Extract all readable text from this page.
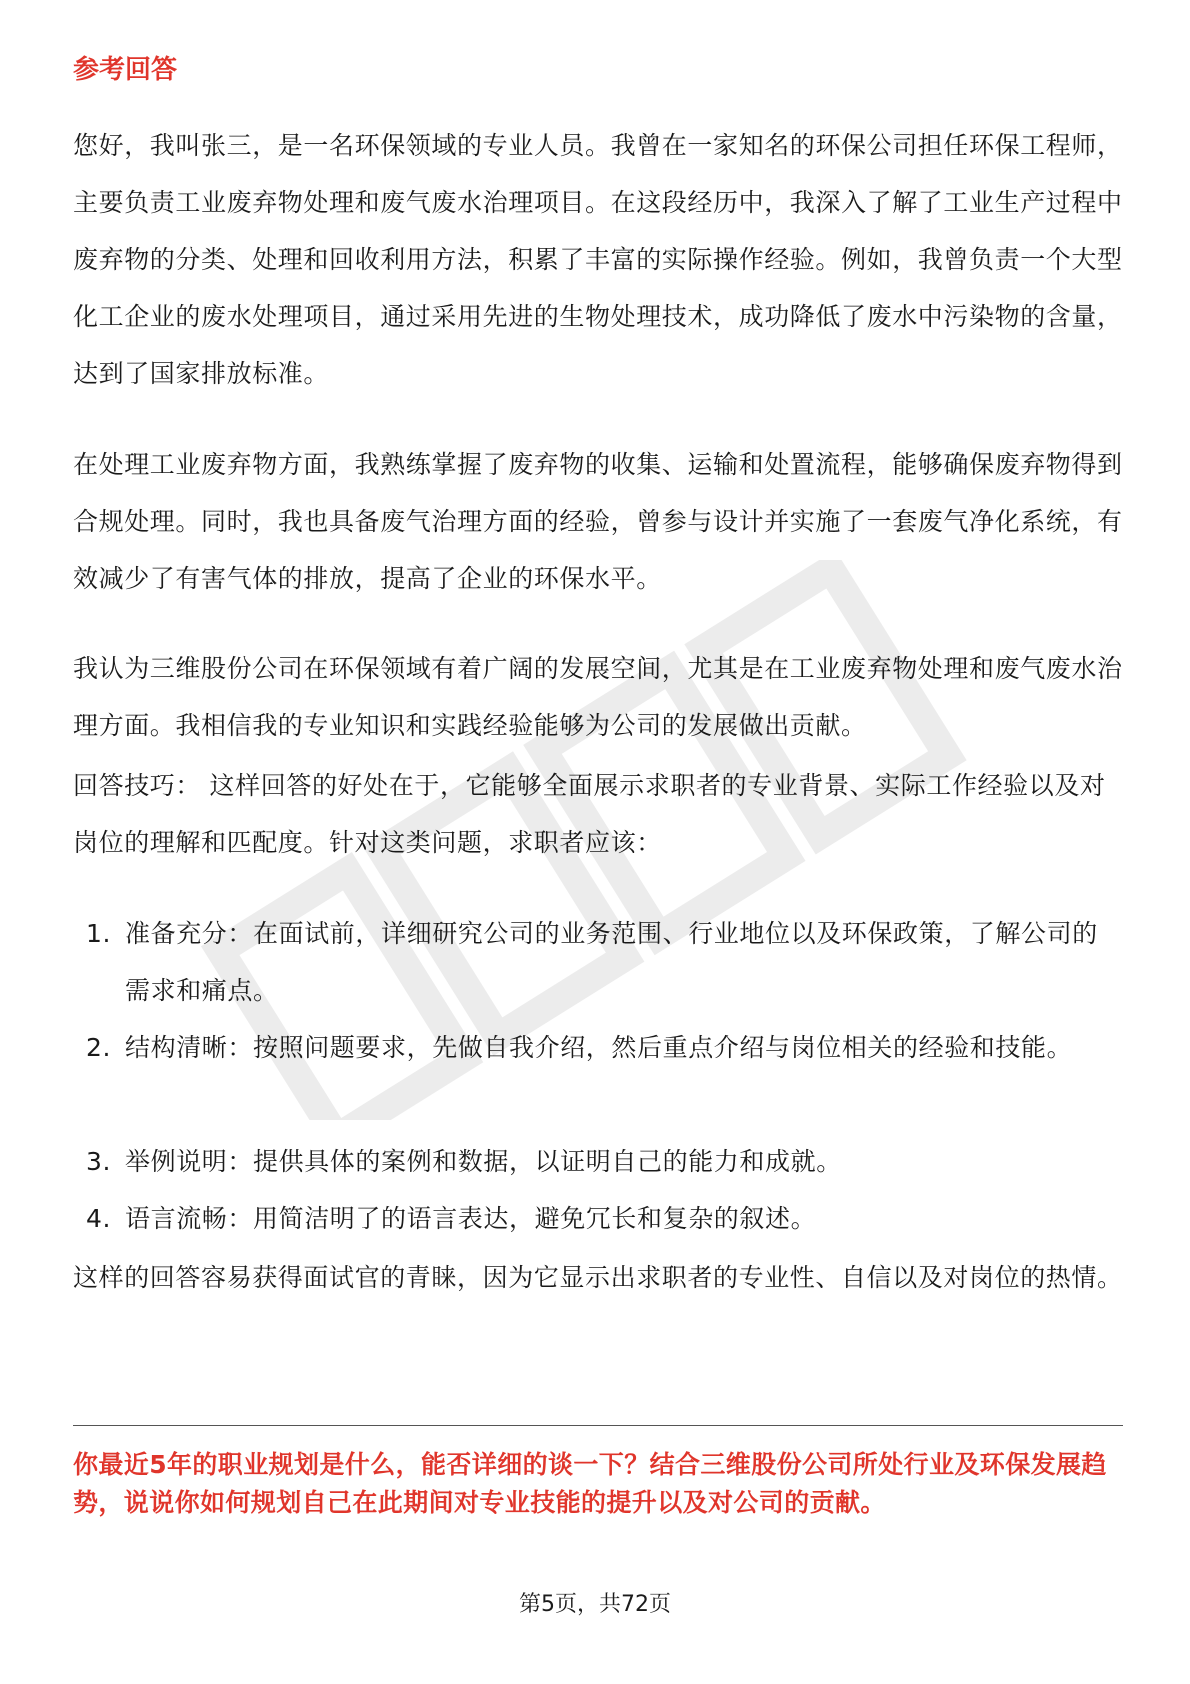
参考回答

您好，我叫张三，是一名环保领域的专业人员。我曾在一家知名的环保公司担任环保工程师，主要负责工业废弃物处理和废气废水治理项目。在这段经历中，我深入了解了工业生产过程中废弃物的分类、处理和回收利用方法，积累了丰富的实际操作经验。例如，我曾负责一个大型化工企业的废水处理项目，通过采用先进的生物处理技术，成功降低了废水中污染物的含量，达到了国家排放标准。

在处理工业废弃物方面，我熟练掌握了废弃物的收集、运输和处置流程，能够确保废弃物得到合规处理。同时，我也具备废气治理方面的经验，曾参与设计并实施了一套废气净化系统，有效减少了有害气体的排放，提高了企业的环保水平。

我认为三维股份公司在环保领域有着广阔的发展空间，尤其是在工业废弃物处理和废气废水治理方面。我相信我的专业知识和实践经验能够为公司的发展做出贡献。

回答技巧： 这样回答的好处在于，它能够全面展示求职者的专业背景、实际工作经验以及对岗位的理解和匹配度。针对这类问题，求职者应该：

1. 准备充分：在面试前，详细研究公司的业务范围、行业地位以及环保政策，了解公司的需求和痛点。
2. 结构清晰：按照问题要求，先做自我介绍，然后重点介绍与岗位相关的经验和技能。
3. 举例说明：提供具体的案例和数据，以证明自己的能力和成就。
4. 语言流畅：用简洁明了的语言表达，避免冗长和复杂的叙述。

这样的回答容易获得面试官的青睐，因为它显示出求职者的专业性、自信以及对岗位的热情。

你最近5年的职业规划是什么，能否详细的谈一下？结合三维股份公司所处行业及环保发展趋势，说说你如何规划自己在此期间对专业技能的提升以及对公司的贡献。

第5页，共72页
